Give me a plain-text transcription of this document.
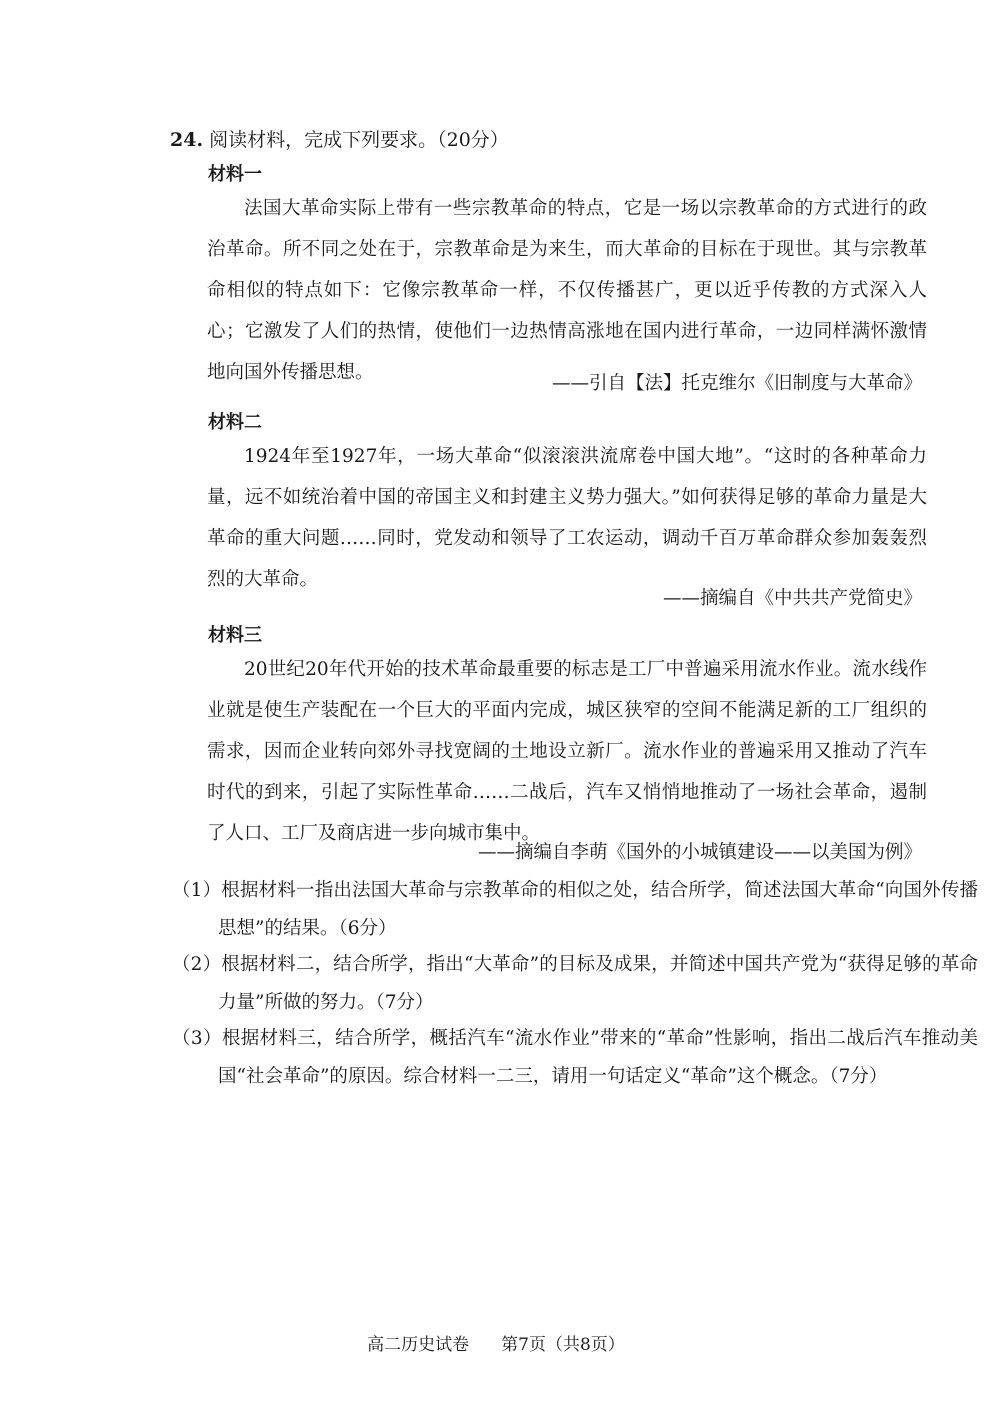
24. 阅读材料，完成下列要求。（20分）
材料一

法国大革命实际上带有一些宗教革命的特点，它是一场以宗教革命的方式进行的政治革命。所不同之处在于，宗教革命是为来生，而大革命的目标在于现世。其与宗教革命相似的特点如下：它像宗教革命一样，不仅传播甚广，更以近乎传教的方式深入人心；它激发了人们的热情，使他们一边热情高涨地在国内进行革命，一边同样满怀激情地向国外传播思想。

——引自【法】托克维尔《旧制度与大革命》
材料二

1924年至1927年，一场大革命“似滚滚洪流席卷中国大地”。“这时的各种革命力量，远不如统治着中国的帝国主义和封建主义势力强大。”如何获得足够的革命力量是大革命的重大问题……同时，党发动和领导了工农运动，调动千百万革命群众参加轰轰烈烈的大革命。

——摘编自《中共共产党简史》
材料三

20世纪20年代开始的技术革命最重要的标志是工厂中普遍采用流水作业。流水线作业就是使生产装配在一个巨大的平面内完成，城区狭窄的空间不能满足新的工厂组织的需求，因而企业转向郊外寻找宽阔的土地设立新厂。流水作业的普遍采用又推动了汽车时代的到来，引起了实际性革命……二战后，汽车又悄悄地推动了一场社会革命，遏制了人口、工厂及商店进一步向城市集中。

——摘编自李萌《国外的小城镇建设——以美国为例》

（1）根据材料一指出法国大革命与宗教革命的相似之处，结合所学，简述法国大革命“向国外传播思想”的结果。（6分）

（2）根据材料二，结合所学，指出“大革命”的目标及成果，并简述中国共产党为“获得足够的革命力量”所做的努力。（7分）

（3）根据材料三，结合所学，概括汽车“流水作业”带来的“革命”性影响，指出二战后汽车推动美国“社会革命”的原因。综合材料一二三，请用一句话定义“革命”这个概念。（7分）

高二历史试卷 第7页（共8页）
